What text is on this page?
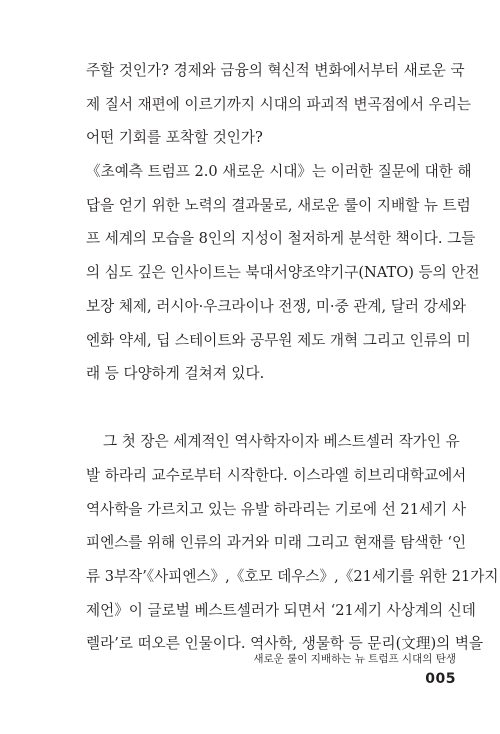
주할 것인가? 경제와 금융의 혁신적 변화에서부터 새로운 국
제 질서 재편에 이르기까지 시대의 파괴적 변곡점에서 우리는
어떤 기회를 포착할 것인가?
《초예측 트럼프 2.0 새로운 시대》는 이러한 질문에 대한 해
답을 얻기 위한 노력의 결과물로, 새로운 룰이 지배할 뉴 트럼
프 세계의 모습을 8인의 지성이 철저하게 분석한 책이다. 그들
의 심도 깊은 인사이트는 북대서양조약기구(NATO) 등의 안전
보장 체제, 러시아·우크라이나 전쟁, 미·중 관계, 달러 강세와
엔화 약세, 딥 스테이트와 공무원 제도 개혁 그리고 인류의 미
래 등 다양하게 걸쳐져 있다.
그 첫 장은 세계적인 역사학자이자 베스트셀러 작가인 유
발 하라리 교수로부터 시작한다. 이스라엘 히브리대학교에서
역사학을 가르치고 있는 유발 하라리는 기로에 선 21세기 사
피엔스를 위해 인류의 과거와 미래 그리고 현재를 탐색한 ‘인
류 3부작’《사피엔스》,《호모 데우스》,《21세기를 위한 21가지
제언》이 글로벌 베스트셀러가 되면서 ‘21세기 사상계의 신데
렐라’로 떠오른 인물이다. 역사학, 생물학 등 문리(文理)의 벽을
새로운 룰이 지배하는 뉴 트럼프 시대의 탄생
005
